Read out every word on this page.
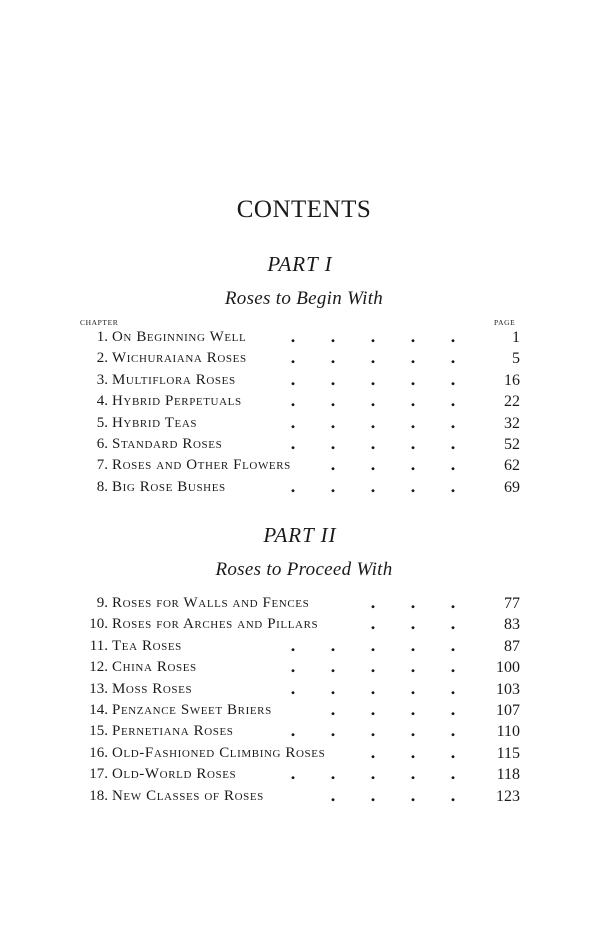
CONTENTS
PART I
Roses to Begin With
CHAPTER	PAGE
1. On Beginning Well	1
2. Wichuraiana Roses	5
3. Multiflora Roses	16
4. Hybrid Perpetuals	22
5. Hybrid Teas	32
6. Standard Roses	52
7. Roses and Other Flowers	62
8. Big Rose Bushes	69
PART II
Roses to Proceed With
9. Roses for Walls and Fences	77
10. Roses for Arches and Pillars	83
11. Tea Roses	87
12. China Roses	100
13. Moss Roses	103
14. Penzance Sweet Briers	107
15. Pernetiana Roses	110
16. Old-Fashioned Climbing Roses	115
17. Old-World Roses	118
18. New Classes of Roses	123
